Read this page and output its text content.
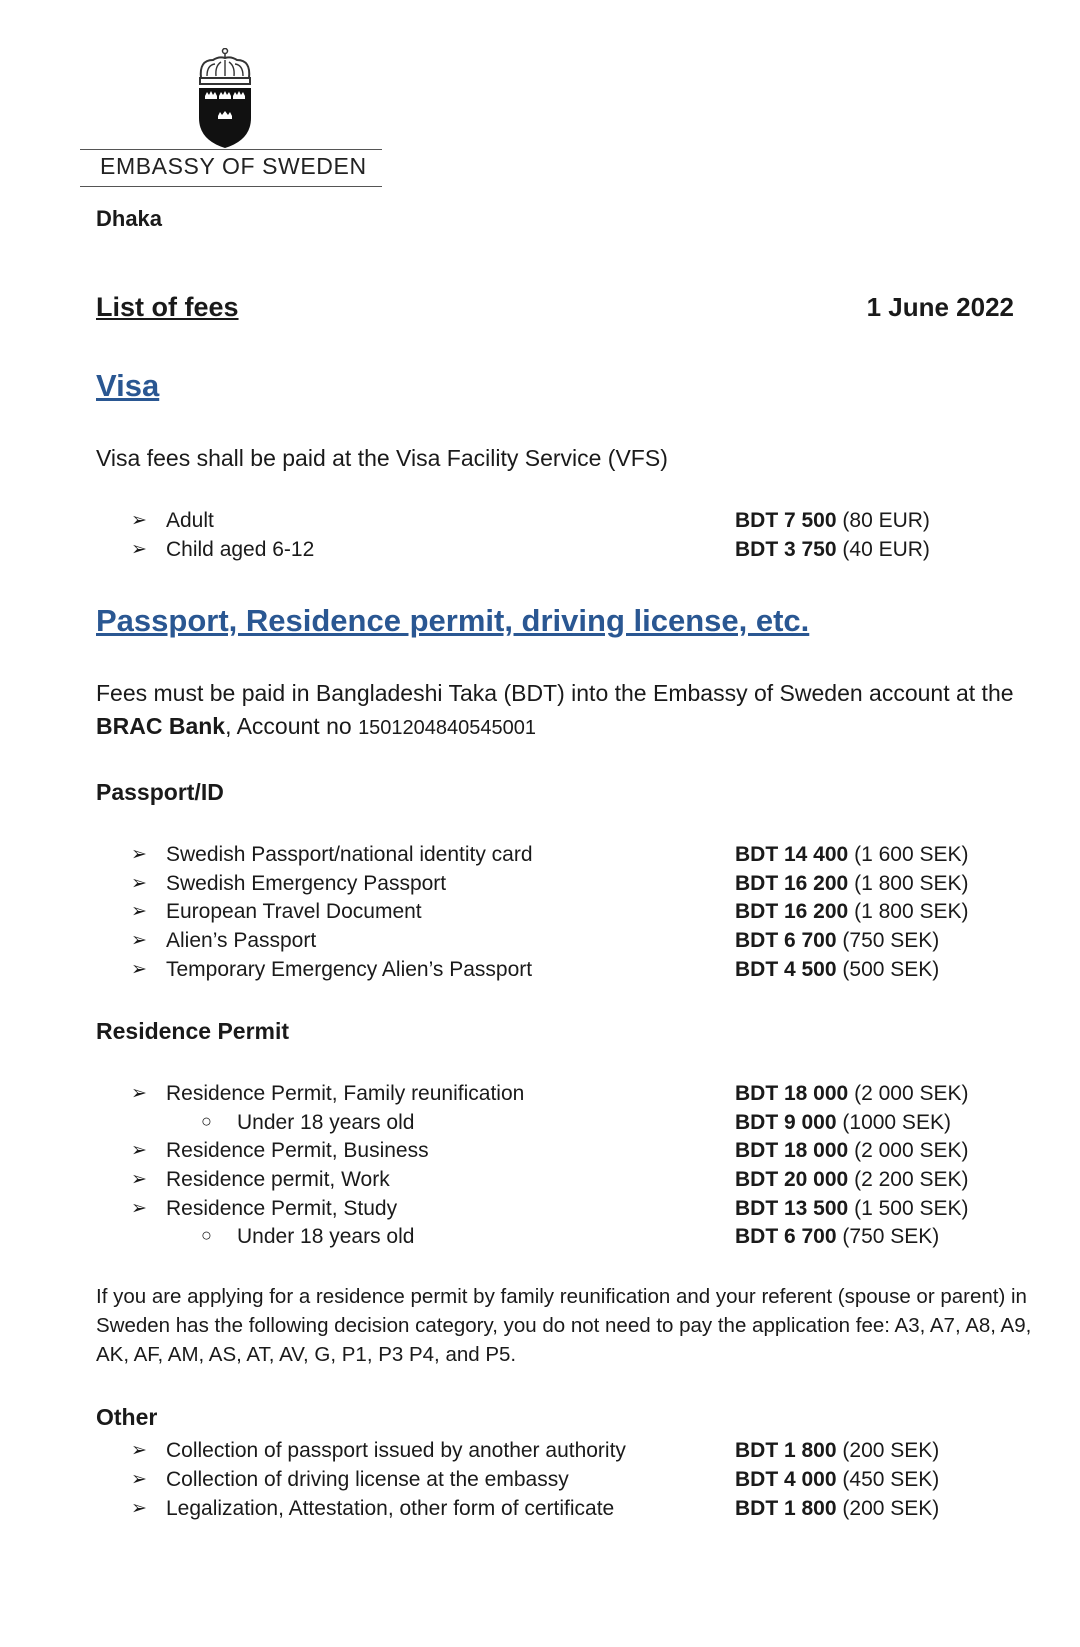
EMBASSY OF SWEDEN
Dhaka
List of fees	1 June 2022
Visa
Visa fees shall be paid at the Visa Facility Service (VFS)
➢ Adult	BDT 7 500 (80 EUR)
➢ Child aged 6-12	BDT 3 750 (40 EUR)
Passport, Residence permit, driving license, etc.
Fees must be paid in Bangladeshi Taka (BDT) into the Embassy of Sweden account at the BRAC Bank, Account no 1501204840545001
Passport/ID
➢ Swedish Passport/national identity card	BDT 14 400 (1 600 SEK)
➢ Swedish Emergency Passport	BDT 16 200 (1 800 SEK)
➢ European Travel Document	BDT 16 200 (1 800 SEK)
➢ Alien’s Passport	BDT 6 700 (750 SEK)
➢ Temporary Emergency Alien’s Passport	BDT 4 500 (500 SEK)
Residence Permit
➢ Residence Permit, Family reunification	BDT 18 000 (2 000 SEK)
○ Under 18 years old	BDT 9 000 (1000 SEK)
➢ Residence Permit, Business	BDT 18 000 (2 000 SEK)
➢ Residence permit, Work	BDT 20 000 (2 200 SEK)
➢ Residence Permit, Study	BDT 13 500 (1 500 SEK)
○ Under 18 years old	BDT 6 700 (750 SEK)
If you are applying for a residence permit by family reunification and your referent (spouse or parent) in Sweden has the following decision category, you do not need to pay the application fee: A3, A7, A8, A9, AK, AF, AM, AS, AT, AV, G, P1, P3 P4, and P5.
Other
➢ Collection of passport issued by another authority	BDT 1 800 (200 SEK)
➢ Collection of driving license at the embassy	BDT 4 000 (450 SEK)
➢ Legalization, Attestation, other form of certificate	BDT 1 800 (200 SEK)
